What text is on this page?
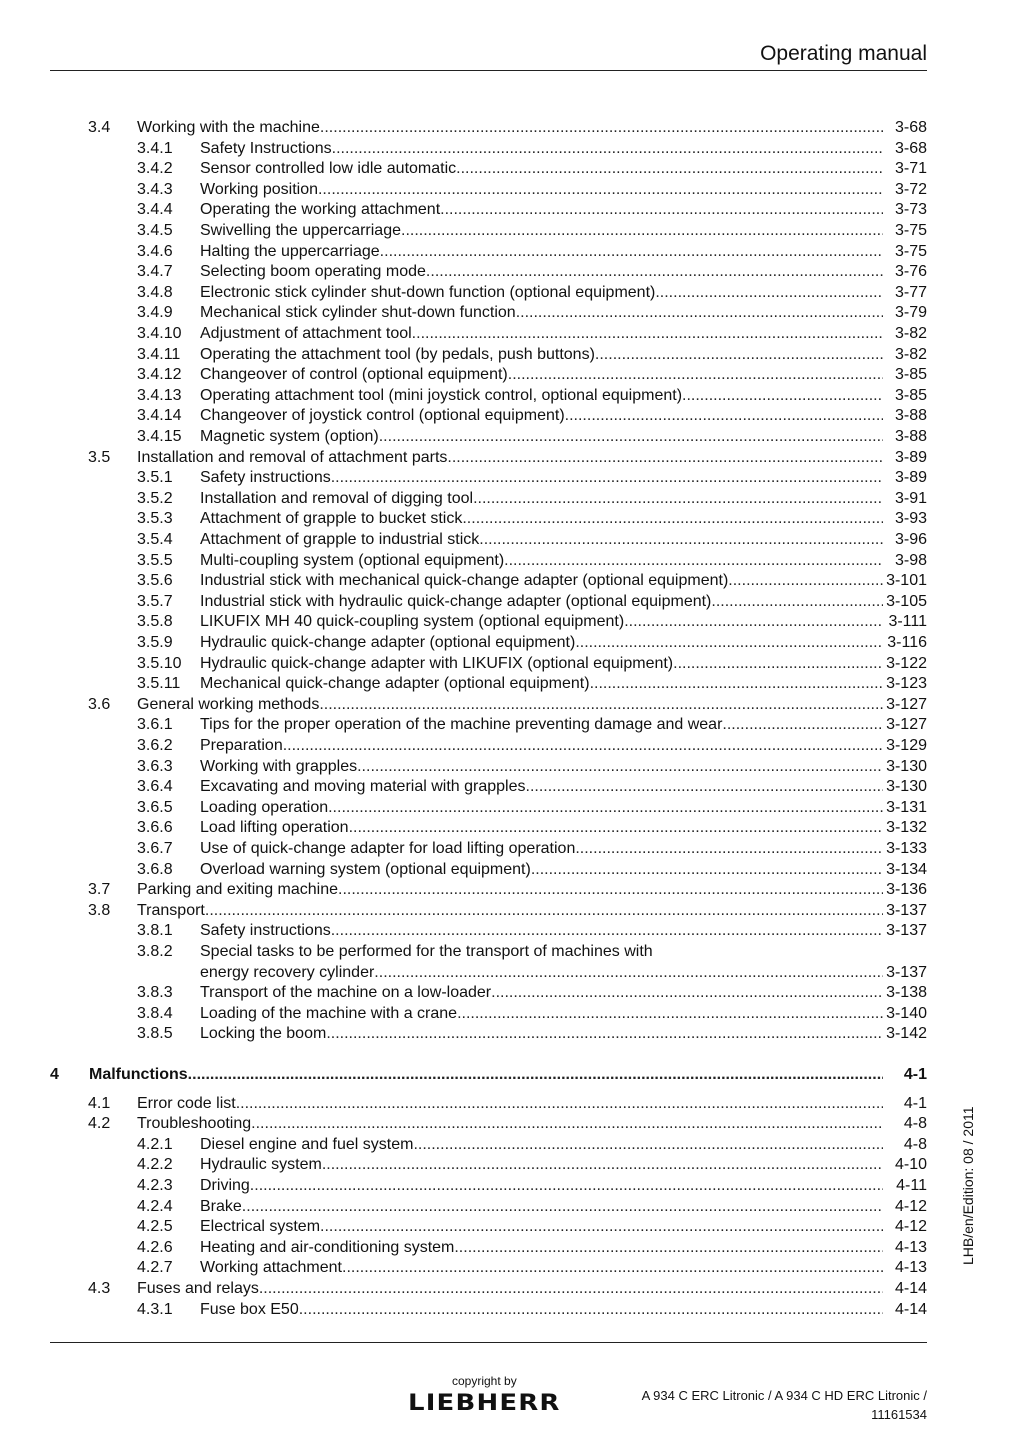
Operating manual
3.4 Working with the machine .....	3-68
3.4.1 Safety Instructions .....	3-68
3.4.2 Sensor controlled low idle automatic .....	3-71
3.4.3 Working position .....	3-72
3.4.4 Operating the working attachment .....	3-73
3.4.5 Swivelling the uppercarriage .....	3-75
3.4.6 Halting the uppercarriage .....	3-75
3.4.7 Selecting boom operating mode .....	3-76
3.4.8 Electronic stick cylinder shut-down function (optional equipment) .....	3-77
3.4.9 Mechanical stick cylinder shut-down function .....	3-79
3.4.10 Adjustment of attachment tool .....	3-82
3.4.11 Operating the attachment tool (by pedals, push buttons) .....	3-82
3.4.12 Changeover of control (optional equipment) .....	3-85
3.4.13 Operating attachment tool (mini joystick control, optional equipment) .....	3-85
3.4.14 Changeover of joystick control (optional equipment) .....	3-88
3.4.15 Magnetic system (option) .....	3-88
3.5 Installation and removal of attachment parts .....	3-89
3.5.1 Safety instructions .....	3-89
3.5.2 Installation and removal of digging tool .....	3-91
3.5.3 Attachment of grapple to bucket stick .....	3-93
3.5.4 Attachment of grapple to industrial stick .....	3-96
3.5.5 Multi-coupling system (optional equipment) .....	3-98
3.5.6 Industrial stick with mechanical quick-change adapter (optional equipment) .....	3-101
3.5.7 Industrial stick with hydraulic quick-change adapter (optional equipment) .....	3-105
3.5.8 LIKUFIX MH 40 quick-coupling system (optional equipment) .....	3-111
3.5.9 Hydraulic quick-change adapter (optional equipment) .....	3-116
3.5.10 Hydraulic quick-change adapter with LIKUFIX (optional equipment) .....	3-122
3.5.11 Mechanical quick-change adapter (optional equipment) .....	3-123
3.6 General working methods .....	3-127
3.6.1 Tips for the proper operation of the machine preventing damage and wear .....	3-127
3.6.2 Preparation .....	3-129
3.6.3 Working with grapples .....	3-130
3.6.4 Excavating and moving material with grapples .....	3-130
3.6.5 Loading operation .....	3-131
3.6.6 Load lifting operation .....	3-132
3.6.7 Use of quick-change adapter for load lifting operation .....	3-133
3.6.8 Overload warning system (optional equipment) .....	3-134
3.7 Parking and exiting machine .....	3-136
3.8 Transport .....	3-137
3.8.1 Safety instructions .....	3-137
3.8.2 Special tasks to be performed for the transport of machines with
energy recovery cylinder .....	3-137
3.8.3 Transport of the machine on a low-loader .....	3-138
3.8.4 Loading of the machine with a crane .....	3-140
3.8.5 Locking the boom .....	3-142
4 Malfunctions .....	4-1
4.1 Error code list .....	4-1
4.2 Troubleshooting .....	4-8
4.2.1 Diesel engine and fuel system .....	4-8
4.2.2 Hydraulic system .....	4-10
4.2.3 Driving .....	4-11
4.2.4 Brake .....	4-12
4.2.5 Electrical system .....	4-12
4.2.6 Heating and air-conditioning system .....	4-13
4.2.7 Working attachment .....	4-13
4.3 Fuses and relays .....	4-14
4.3.1 Fuse box E50 .....	4-14
LHB/en/Edition: 08 / 2011
copyright by
LIEBHERR	A 934 C ERC Litronic / A 934 C HD ERC Litronic /
11161534
